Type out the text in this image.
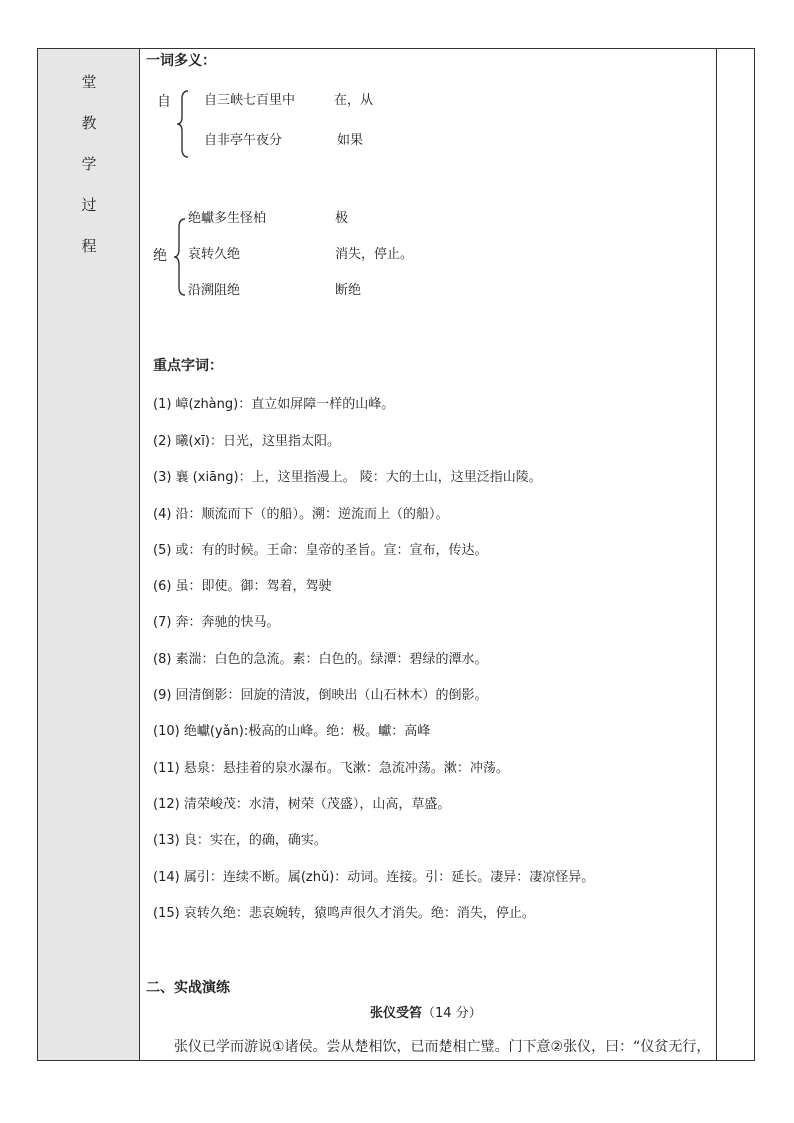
堂
教
学
过
程
一词多义：
自	自三峡七百里中	在，从
自非亭午夜分	如果
绝
绝巘多生怪柏	极
哀转久绝	消失，停止。
沿溯阻绝	断绝
重点字词：
(1) 嶂(zhàng)：直立如屏障一样的山峰。
(2) 曦(xī)：日光，这里指太阳。
(3) 襄 (xiāng)：上，这里指漫上。 陵：大的土山，这里泛指山陵。
(4) 沿：顺流而下（的船）。溯：逆流而上（的船）。
(5) 或：有的时候。王命：皇帝的圣旨。宣：宣布，传达。
(6) 虽：即使。御：驾着，驾驶
(7) 奔：奔驰的快马。
(8) 素湍：白色的急流。素：白色的。绿潭：碧绿的潭水。
(9) 回清倒影：回旋的清波，倒映出（山石林木）的倒影。
(10) 绝巘(yǎn):极高的山峰。绝：极。巘：高峰
(11) 悬泉：悬挂着的泉水瀑布。飞漱：急流冲荡。漱：冲荡。
(12) 清荣峻茂：水清，树荣（茂盛），山高，草盛。
(13) 良：实在，的确，确实。
(14) 属引：连续不断。属(zhǔ)：动词。连接。引：延长。凄异：凄凉怪异。
(15) 哀转久绝：悲哀婉转，猿鸣声很久才消失。绝：消失，停止。
二、实战演练
张仪受笞（14 分）
张仪已学而游说①诸侯。尝从楚相饮，已而楚相亡璧。门下意②张仪，曰：“仪贫无行，
